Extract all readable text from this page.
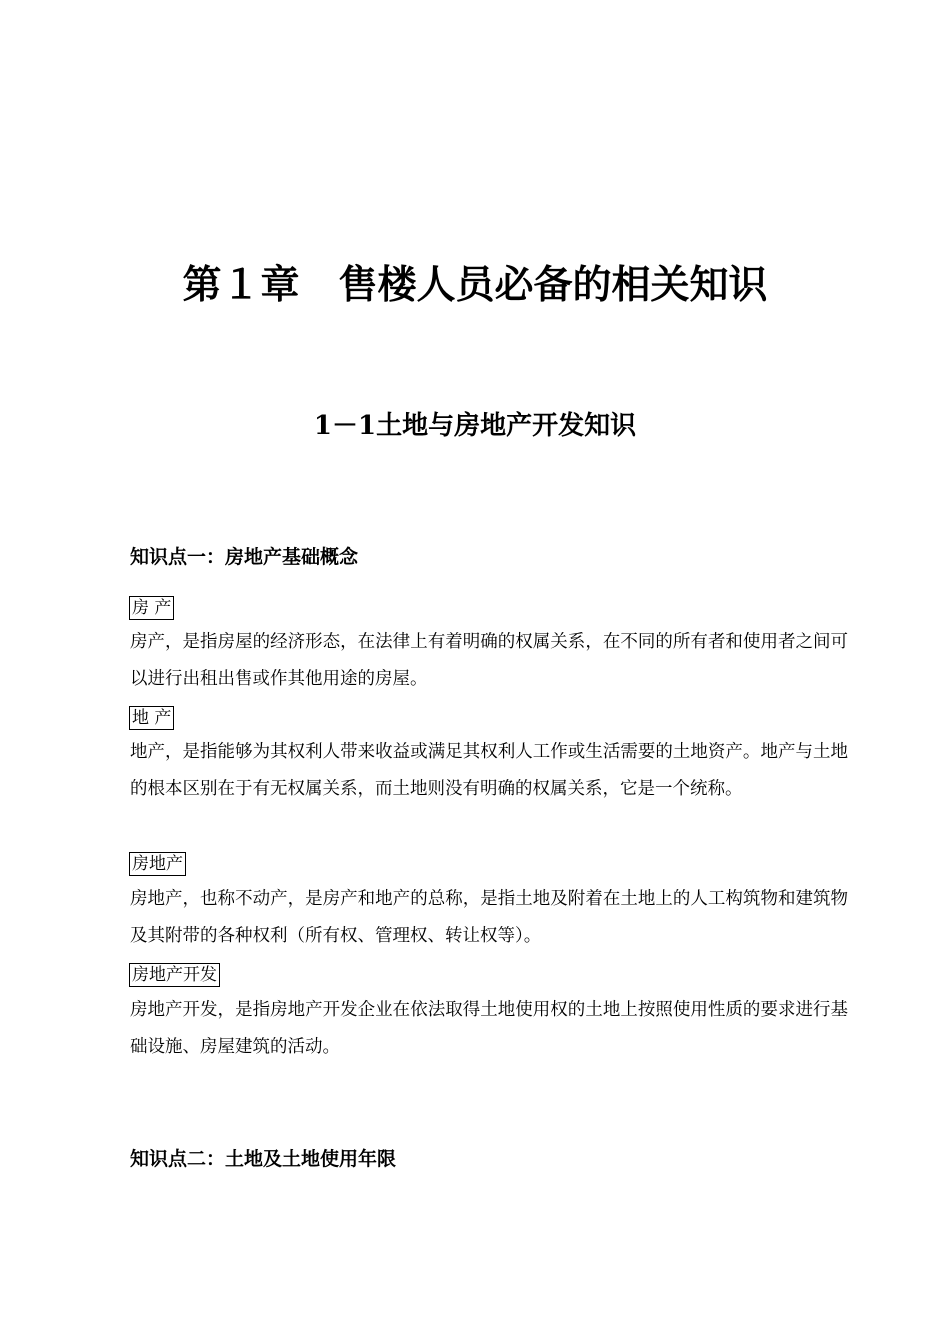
第１章　售楼人员必备的相关知识
1－1土地与房地产开发知识
知识点一：房地产基础概念
房 产
房产，是指房屋的经济形态，在法律上有着明确的权属关系，在不同的所有者和使用者之间可以进行出租出售或作其他用途的房屋。
地 产
地产，是指能够为其权利人带来收益或满足其权利人工作或生活需要的土地资产。地产与土地的根本区别在于有无权属关系，而土地则没有明确的权属关系，它是一个统称。
房地产
房地产，也称不动产，是房产和地产的总称，是指土地及附着在土地上的人工构筑物和建筑物及其附带的各种权利（所有权、管理权、转让权等）。
房地产开发
房地产开发，是指房地产开发企业在依法取得土地使用权的土地上按照使用性质的要求进行基础设施、房屋建筑的活动。
知识点二：土地及土地使用年限
